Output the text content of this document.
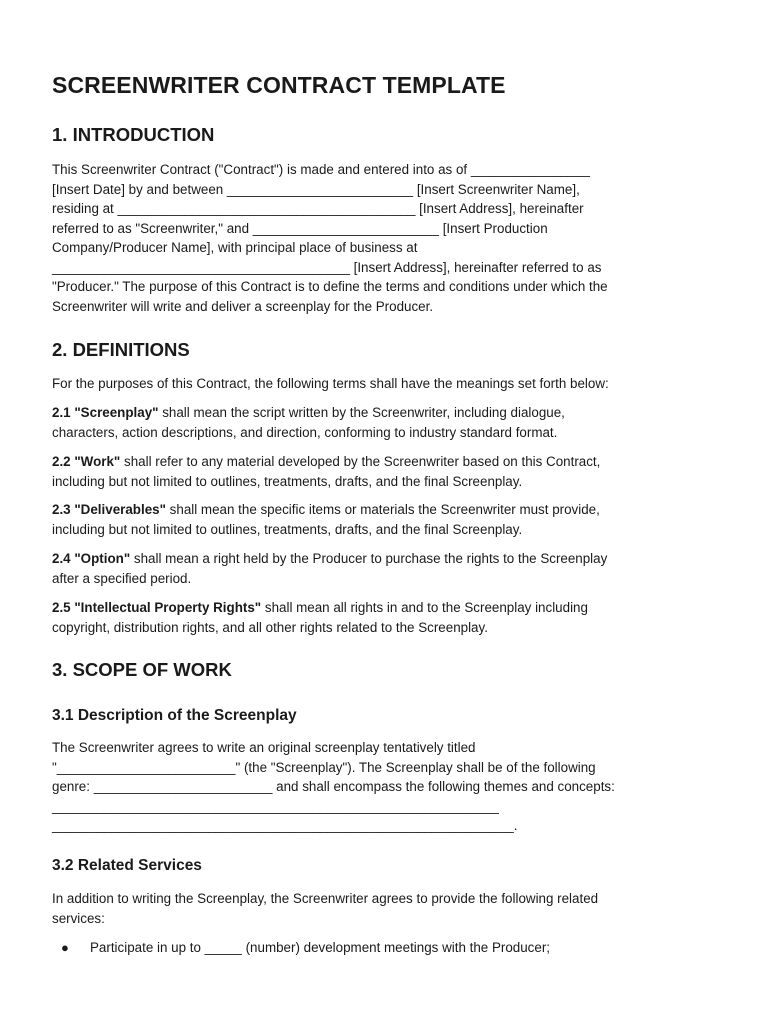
SCREENWRITER CONTRACT TEMPLATE
1. INTRODUCTION

This Screenwriter Contract ("Contract") is made and entered into as of ________________
[Insert Date] by and between _________________________ [Insert Screenwriter Name],
residing at ________________________________________ [Insert Address], hereinafter
referred to as "Screenwriter," and _________________________ [Insert Production
Company/Producer Name], with principal place of business at
________________________________________ [Insert Address], hereinafter referred to as
"Producer." The purpose of this Contract is to define the terms and conditions under which the
Screenwriter will write and deliver a screenplay for the Producer.

2. DEFINITIONS

For the purposes of this Contract, the following terms shall have the meanings set forth below:

2.1 "Screenplay" shall mean the script written by the Screenwriter, including dialogue,
characters, action descriptions, and direction, conforming to industry standard format.

2.2 "Work" shall refer to any material developed by the Screenwriter based on this Contract,
including but not limited to outlines, treatments, drafts, and the final Screenplay.

2.3 "Deliverables" shall mean the specific items or materials the Screenwriter must provide,
including but not limited to outlines, treatments, drafts, and the final Screenplay.

2.4 "Option" shall mean a right held by the Producer to purchase the rights to the Screenplay
after a specified period.

2.5 "Intellectual Property Rights" shall mean all rights in and to the Screenplay including
copyright, distribution rights, and all other rights related to the Screenplay.

3. SCOPE OF WORK
3.1 Description of the Screenplay

The Screenwriter agrees to write an original screenplay tentatively titled
"________________________" (the "Screenplay"). The Screenplay shall be of the following
genre: ________________________ and shall encompass the following themes and concepts:
____________________________________________________________
______________________________________________________________.

3.2 Related Services

In addition to writing the Screenplay, the Screenwriter agrees to provide the following related
services:

● Participate in up to _____ (number) development meetings with the Producer;
